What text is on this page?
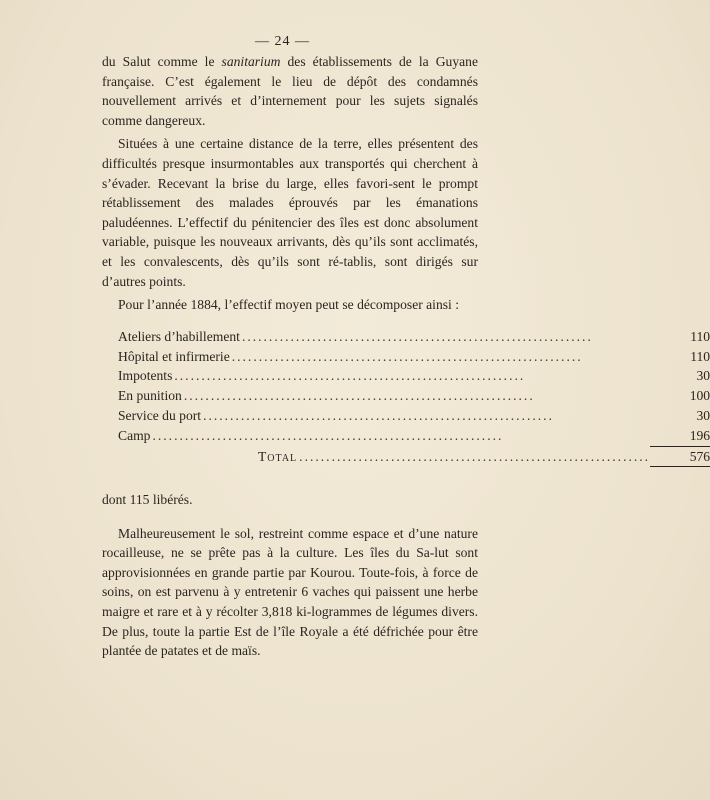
— 24 —

du Salut comme le sanitarium des établissements de la Guyane française. C’est également le lieu de dépôt des condamnés nouvellement arrivés et d’internement pour les sujets signalés comme dangereux.

Situées à une certaine distance de la terre, elles présentent des difficultés presque insurmontables aux transportés qui cherchent à s’évader. Recevant la brise du large, elles favori-sent le prompt rétablissement des malades éprouvés par les émanations paludéennes. L’effectif du pénitencier des îles est donc absolument variable, puisque les nouveaux arrivants, dès qu’ils sont acclimatés, et les convalescents, dès qu’ils sont ré-tablis, sont dirigés sur d’autres points.

Pour l’année 1884, l’effectif moyen peut se décomposer ainsi :

Ateliers d’habillement .................................................................	110

Hôpital et infirmerie .................................................................	110

Impotents .................................................................	30

En punition .................................................................	100

Service du port .................................................................	30

Camp .................................................................	196

Total .................................................................	576

dont 115 libérés.

Malheureusement le sol, restreint comme espace et d’une nature rocailleuse, ne se prête pas à la culture. Les îles du Sa-lut sont approvisionnées en grande partie par Kourou. Toute-fois, à force de soins, on est parvenu à y entretenir 6 vaches qui paissent une herbe maigre et rare et à y récolter 3,818 ki-logrammes de légumes divers. De plus, toute la partie Est de l’île Royale a été défrichée pour être plantée de patates et de maïs.
